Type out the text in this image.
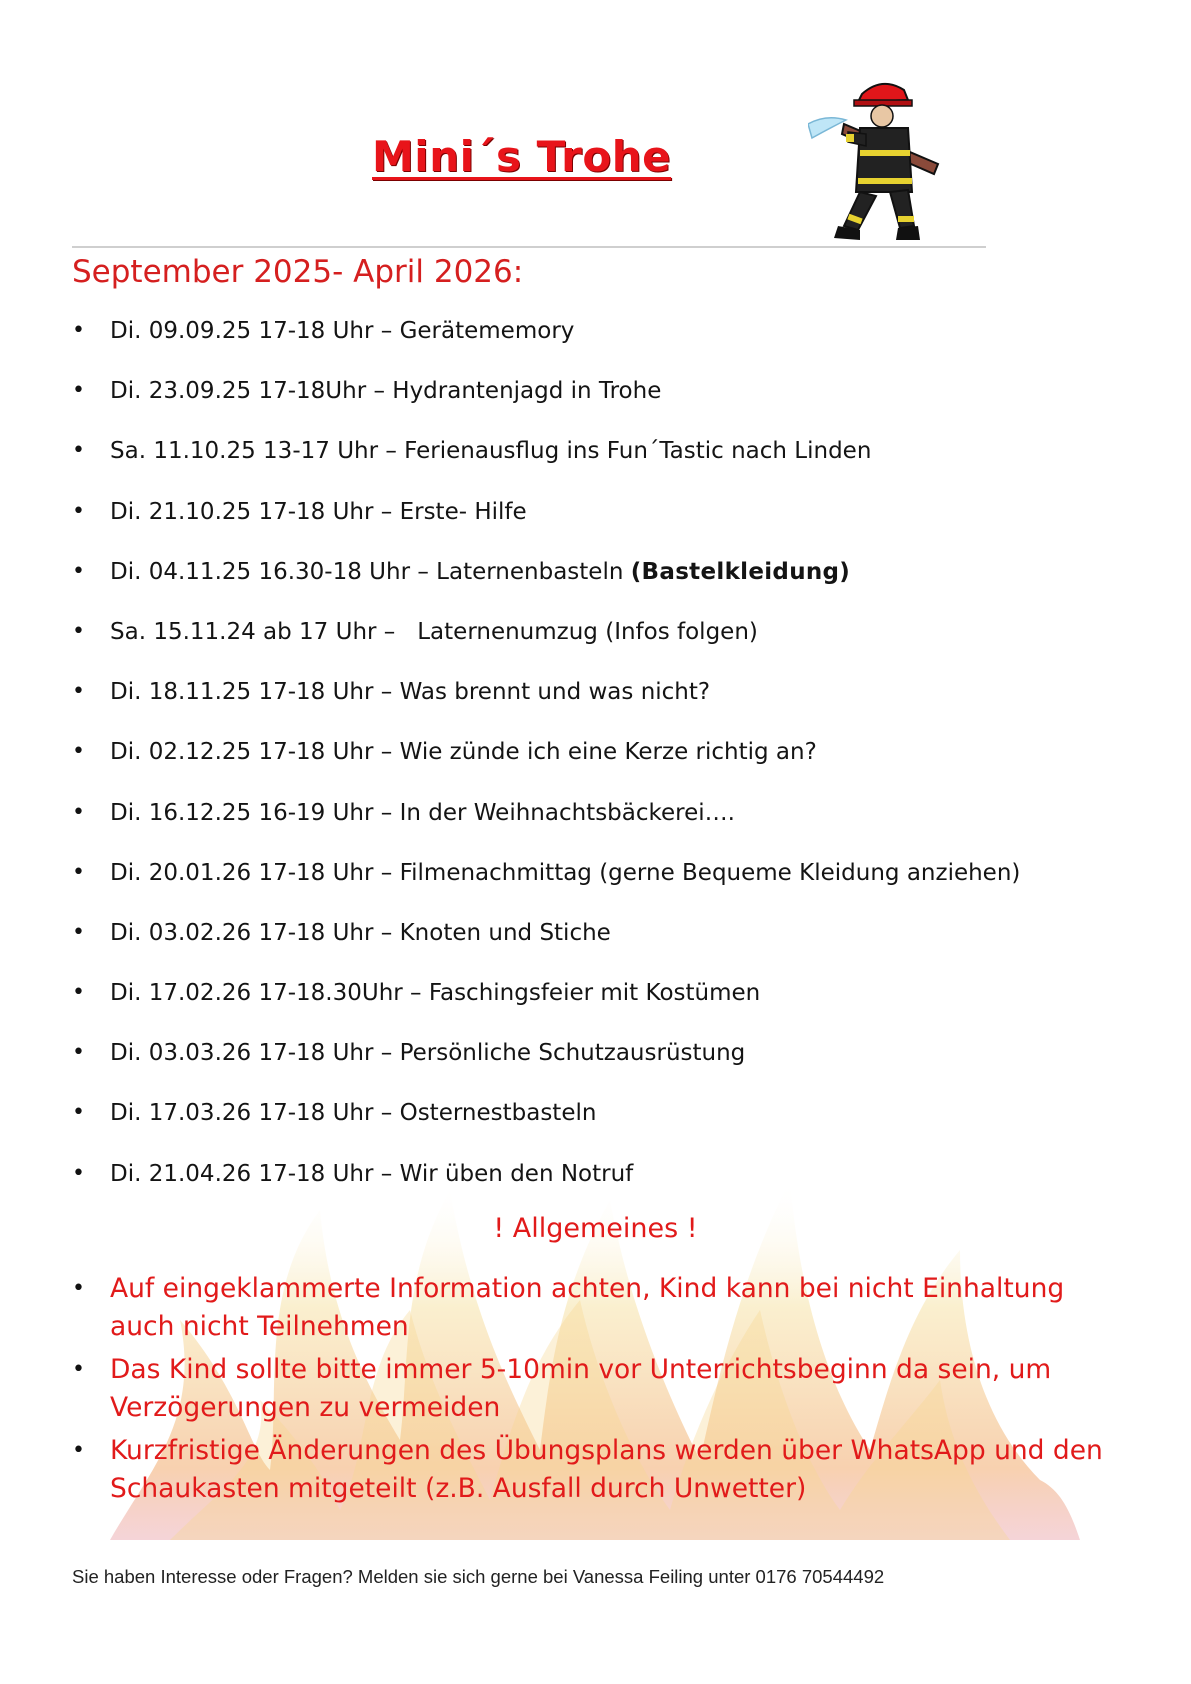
Mini´s Trohe
September 2025- April 2026:
• Di. 09.09.25 17-18 Uhr – Gerätememory
• Di. 23.09.25 17-18Uhr – Hydrantenjagd in Trohe
• Sa. 11.10.25 13-17 Uhr – Ferienausflug ins Fun´Tastic nach Linden
• Di. 21.10.25 17-18 Uhr – Erste- Hilfe
• Di. 04.11.25 16.30-18 Uhr – Laternenbasteln (Bastelkleidung)
• Sa. 15.11.24 ab 17 Uhr –   Laternenumzug (Infos folgen)
• Di. 18.11.25 17-18 Uhr – Was brennt und was nicht?
• Di. 02.12.25 17-18 Uhr – Wie zünde ich eine Kerze richtig an?
• Di. 16.12.25 16-19 Uhr – In der Weihnachtsbäckerei….
• Di. 20.01.26 17-18 Uhr – Filmenachmittag (gerne Bequeme Kleidung anziehen)
• Di. 03.02.26 17-18 Uhr – Knoten und Stiche
• Di. 17.02.26 17-18.30Uhr – Faschingsfeier mit Kostümen
• Di. 03.03.26 17-18 Uhr – Persönliche Schutzausrüstung
• Di. 17.03.26 17-18 Uhr – Osternestbasteln
• Di. 21.04.26 17-18 Uhr – Wir üben den Notruf
! Allgemeines !
• Auf eingeklammerte Information achten, Kind kann bei nicht Einhaltung auch nicht Teilnehmen
• Das Kind sollte bitte immer 5-10min vor Unterrichtsbeginn da sein, um Verzögerungen zu vermeiden
• Kurzfristige Änderungen des Übungsplans werden über WhatsApp und den Schaukasten mitgeteilt (z.B. Ausfall durch Unwetter)

Sie haben Interesse oder Fragen? Melden sie sich gerne bei Vanessa Feiling unter 0176 70544492
